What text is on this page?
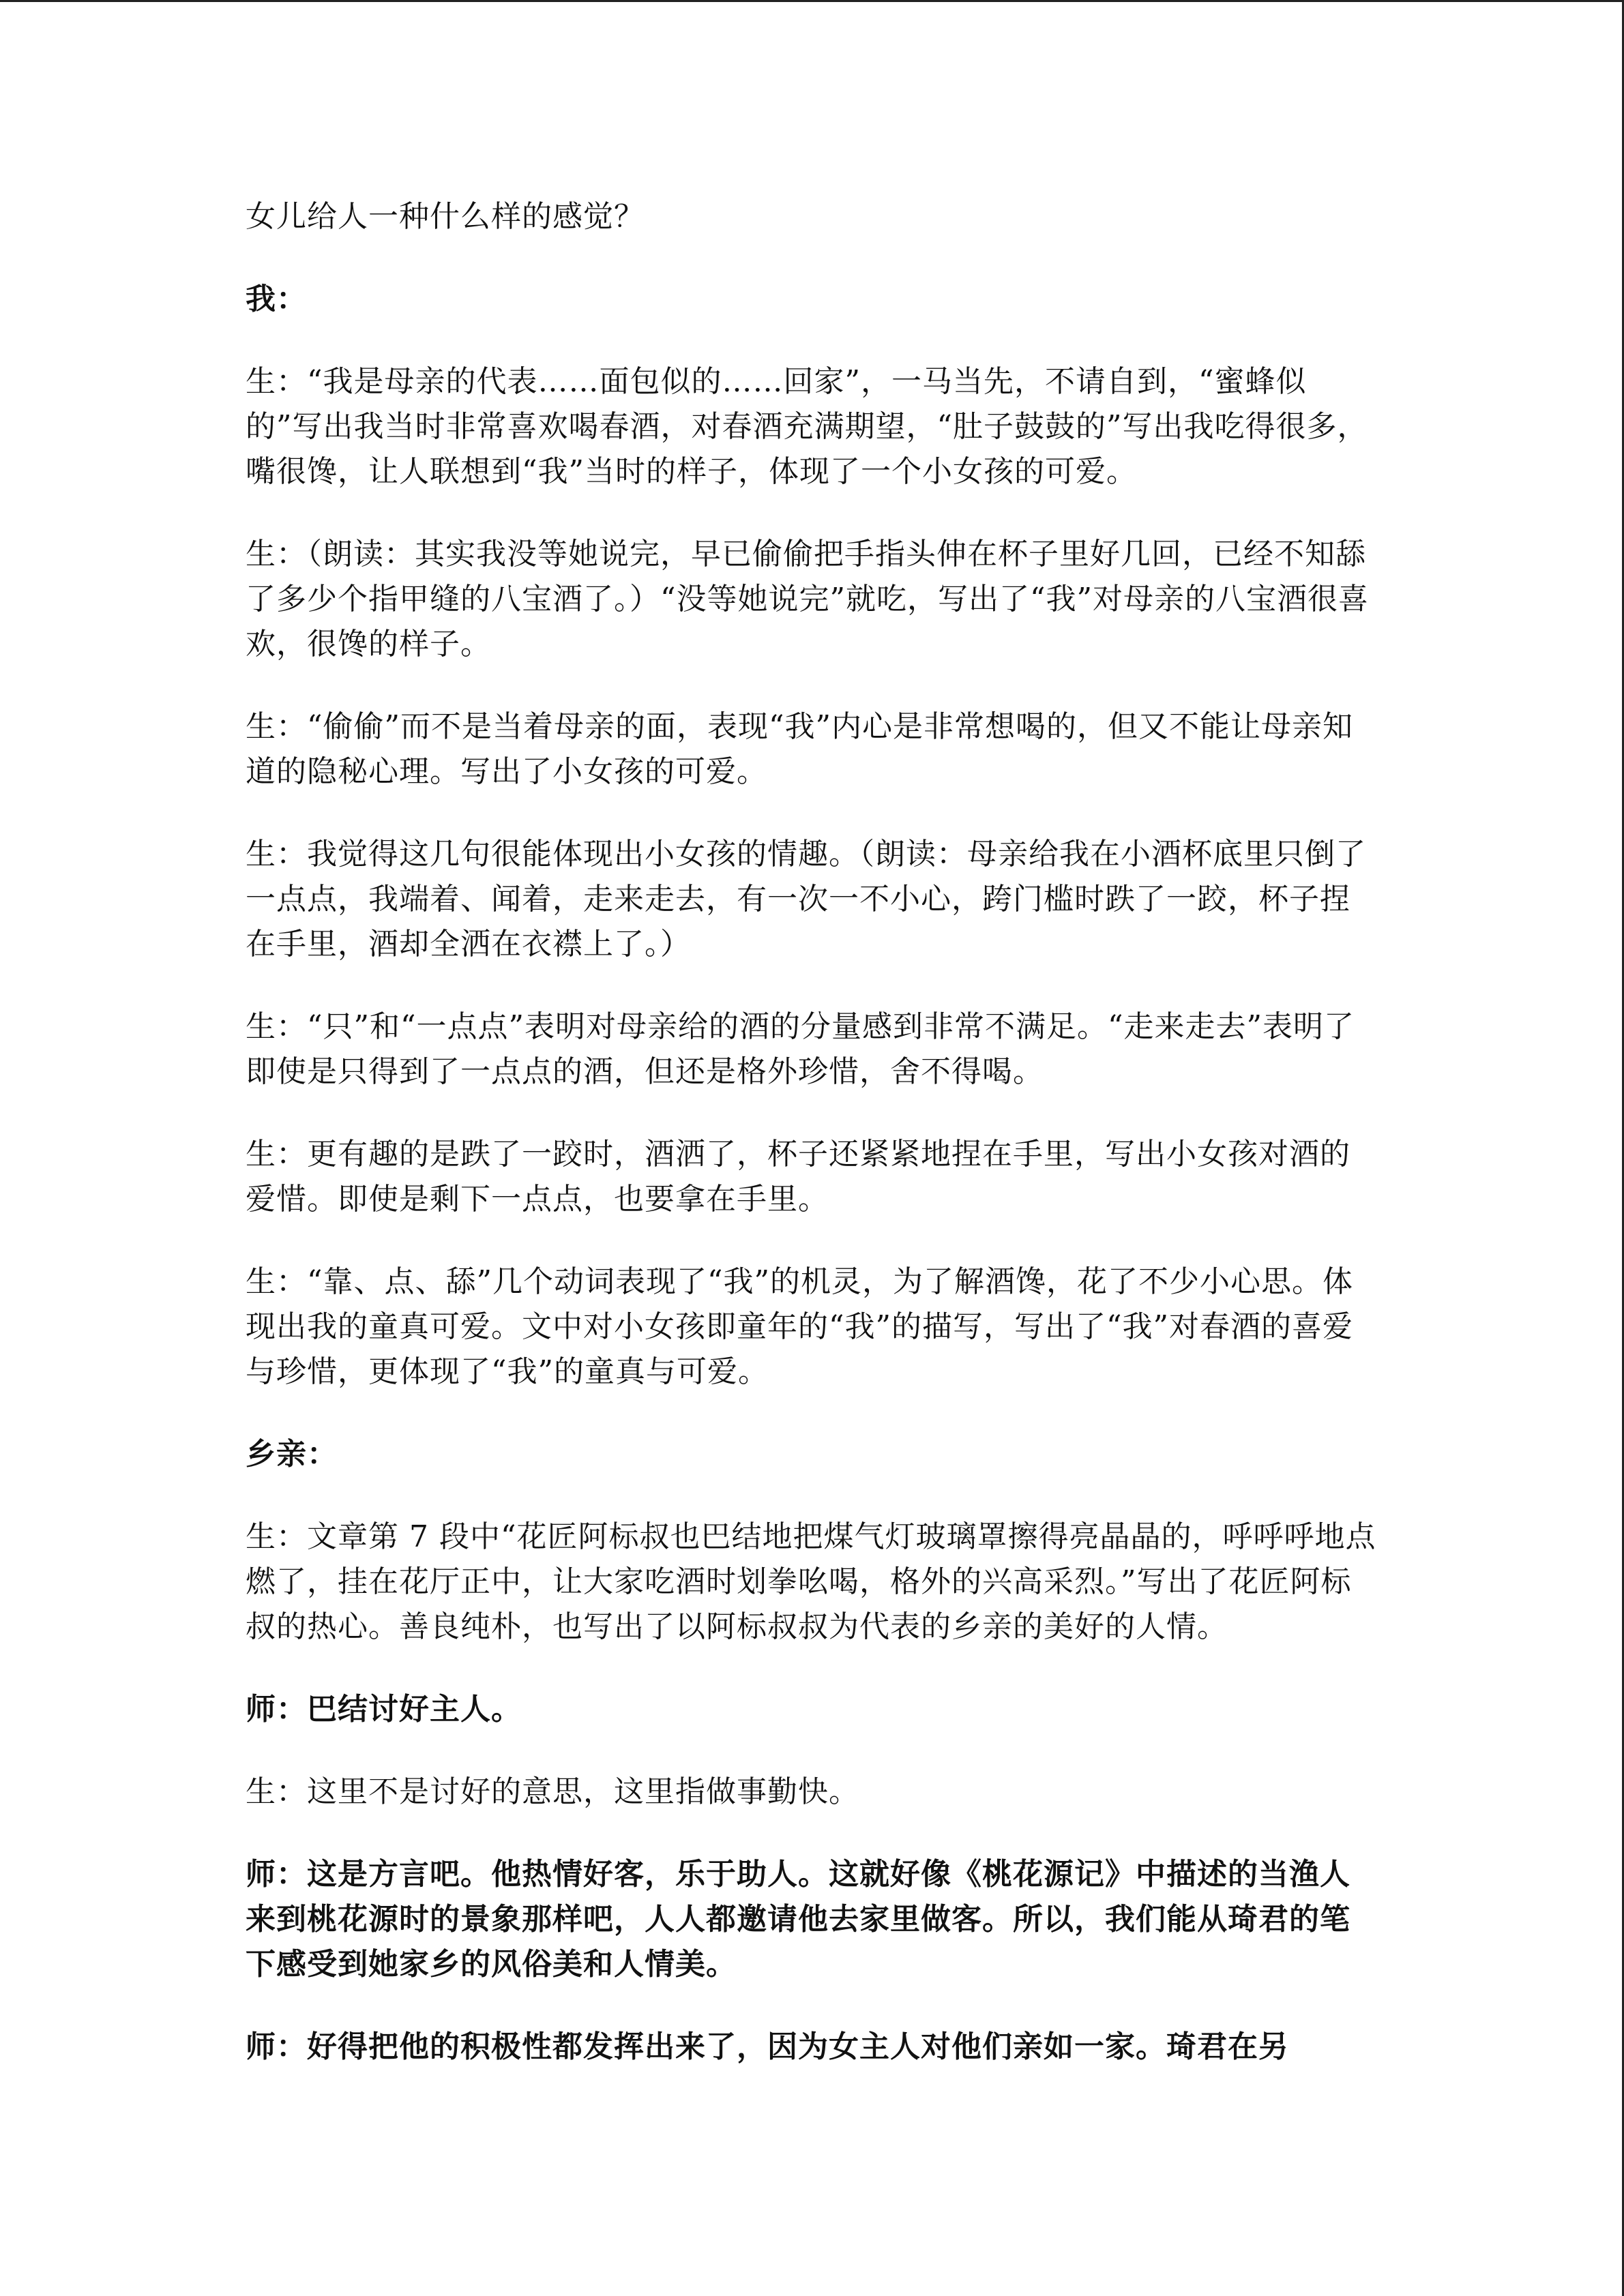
女儿给人一种什么样的感觉？

我：

生：“我是母亲的代表……面包似的……回家”，一马当先，不请自到，“蜜蜂似的”写出我当时非常喜欢喝春酒，对春酒充满期望，“肚子鼓鼓的”写出我吃得很多，嘴很馋，让人联想到“我”当时的样子，体现了一个小女孩的可爱。

生：（朗读：其实我没等她说完，早已偷偷把手指头伸在杯子里好几回，已经不知舔了多少个指甲缝的八宝酒了。）“没等她说完”就吃，写出了“我”对母亲的八宝酒很喜欢，很馋的样子。

生：“偷偷”而不是当着母亲的面，表现“我”内心是非常想喝的，但又不能让母亲知道的隐秘心理。写出了小女孩的可爱。

生：我觉得这几句很能体现出小女孩的情趣。（朗读：母亲给我在小酒杯底里只倒了一点点，我端着、闻着，走来走去，有一次一不小心，跨门槛时跌了一跤，杯子捏在手里，酒却全洒在衣襟上了。）

生：“只”和“一点点”表明对母亲给的酒的分量感到非常不满足。“走来走去”表明了即使是只得到了一点点的酒，但还是格外珍惜，舍不得喝。

生：更有趣的是跌了一跤时，酒洒了，杯子还紧紧地捏在手里，写出小女孩对酒的爱惜。即使是剩下一点点，也要拿在手里。

生：“靠、点、舔”几个动词表现了“我”的机灵，为了解酒馋，花了不少小心思。体现出我的童真可爱。文中对小女孩即童年的“我”的描写，写出了“我”对春酒的喜爱与珍惜，更体现了“我”的童真与可爱。

乡亲：

生：文章第 7 段中“花匠阿标叔也巴结地把煤气灯玻璃罩擦得亮晶晶的，呼呼呼地点燃了，挂在花厅正中，让大家吃酒时划拳吆喝，格外的兴高采烈。”写出了花匠阿标叔的热心。善良纯朴，也写出了以阿标叔叔为代表的乡亲的美好的人情。

师：巴结讨好主人。

生：这里不是讨好的意思，这里指做事勤快。

师：这是方言吧。他热情好客，乐于助人。这就好像《桃花源记》中描述的当渔人来到桃花源时的景象那样吧，人人都邀请他去家里做客。所以，我们能从琦君的笔下感受到她家乡的风俗美和人情美。

师：好得把他的积极性都发挥出来了，因为女主人对他们亲如一家。琦君在另
